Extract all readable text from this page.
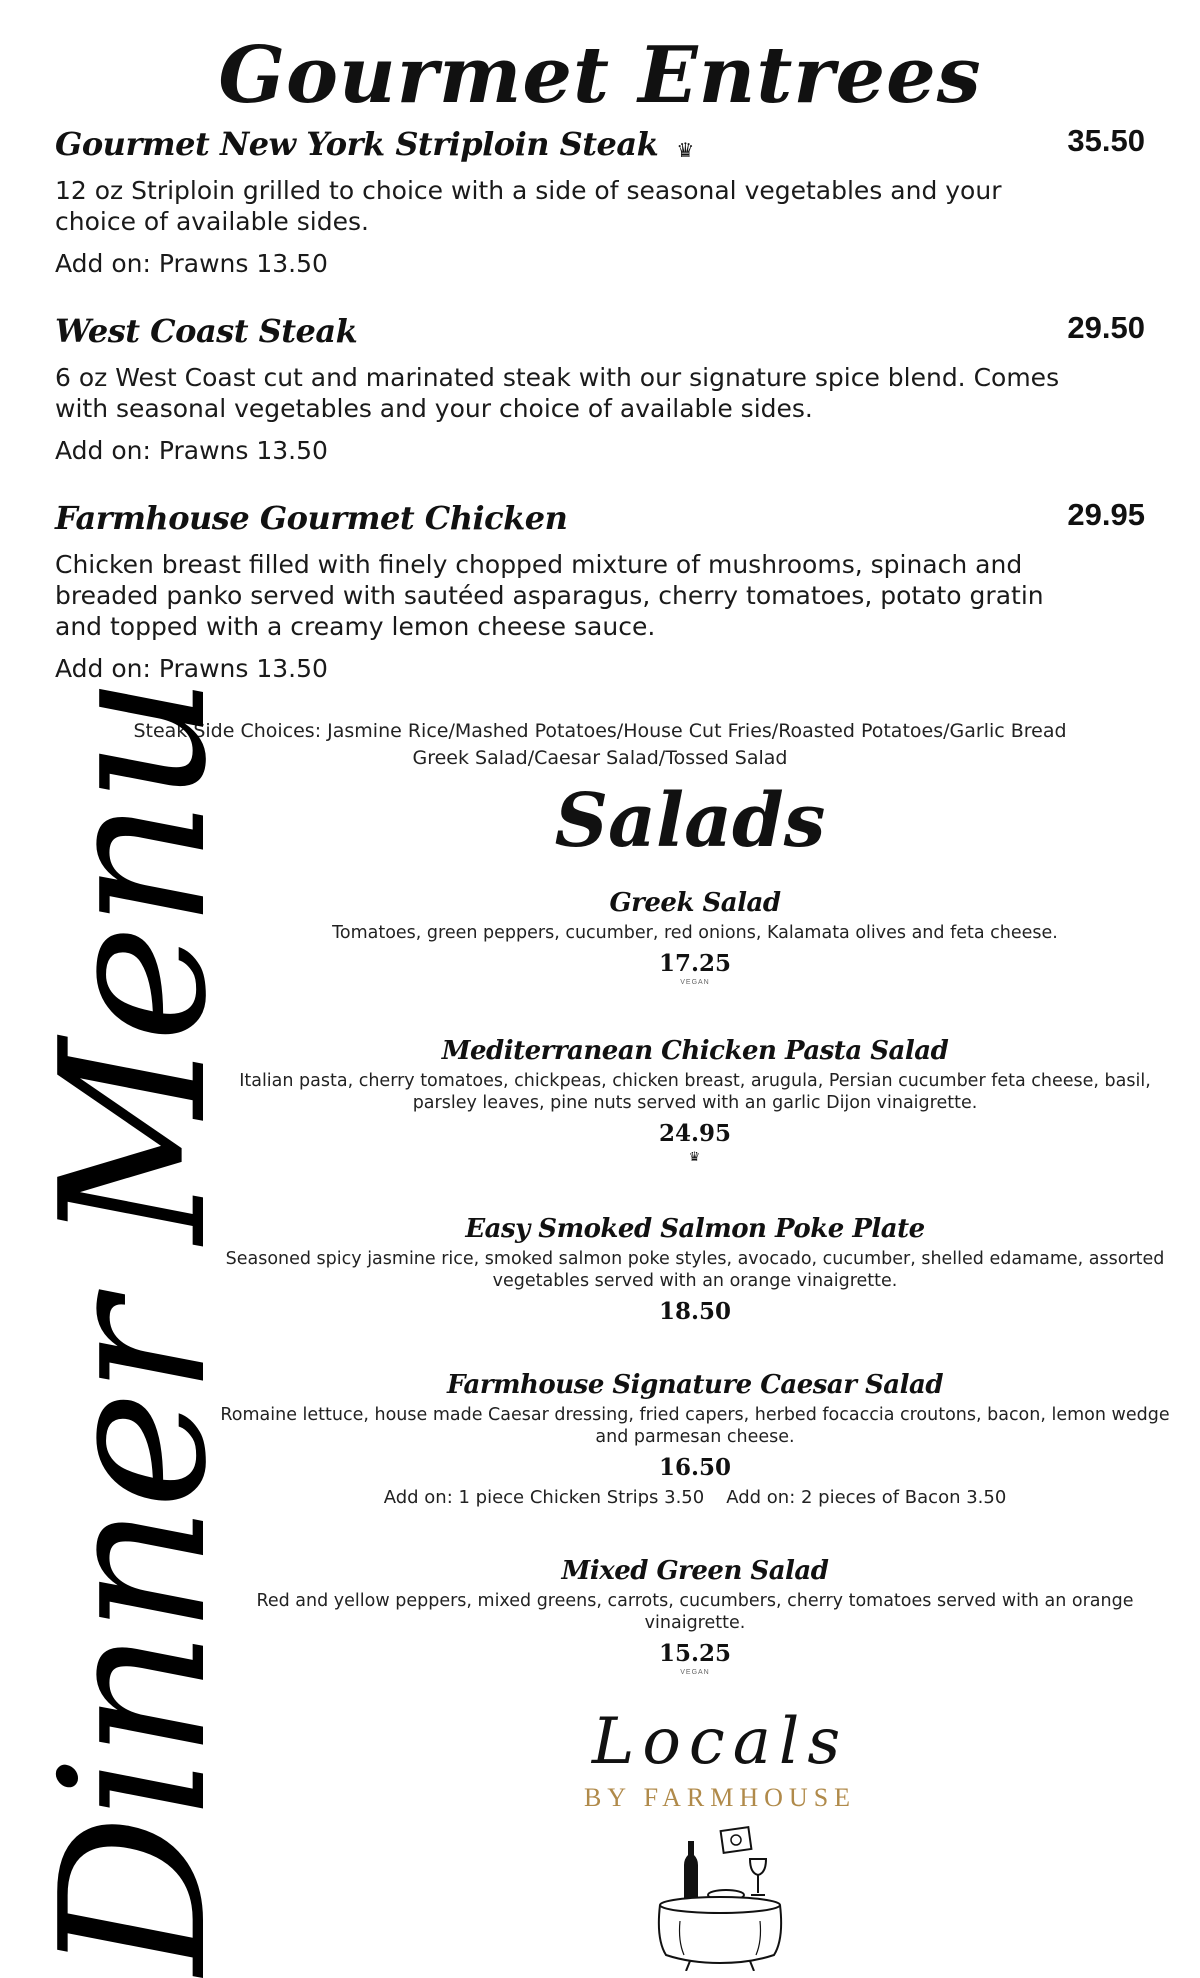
Gourmet Entrees
Gourmet New York Striploin Steak ♛	35.50

12 oz Striploin grilled to choice with a side of seasonal vegetables and your choice of available sides.

Add on: Prawns 13.50

West Coast Steak	29.50

6 oz West Coast cut and marinated steak with our signature spice blend. Comes with seasonal vegetables and your choice of available sides.

Add on: Prawns 13.50

Farmhouse Gourmet Chicken	29.95

Chicken breast filled with finely chopped mixture of mushrooms, spinach and breaded panko served with sautéed asparagus, cherry tomatoes, potato gratin and topped with a creamy lemon cheese sauce.

Add on: Prawns 13.50

Steak Side Choices: Jasmine Rice/Mashed Potatoes/House Cut Fries/Roasted Potatoes/Garlic Bread
Greek Salad/Caesar Salad/Tossed Salad
Salads
Greek Salad
Tomatoes, green peppers, cucumber, red onions, Kalamata olives and feta cheese.
17.25
VEGAN
Mediterranean Chicken Pasta Salad
Italian pasta, cherry tomatoes, chickpeas, chicken breast, arugula, Persian cucumber feta cheese, basil, parsley leaves, pine nuts served with an garlic Dijon vinaigrette.
24.95
♛
Easy Smoked Salmon Poke Plate
Seasoned spicy jasmine rice, smoked salmon poke styles, avocado, cucumber, shelled edamame, assorted vegetables served with an orange vinaigrette.
18.50
Farmhouse Signature Caesar Salad
Romaine lettuce, house made Caesar dressing, fried capers, herbed focaccia croutons, bacon, lemon wedge and parmesan cheese.
16.50
Add on: 1 piece Chicken Strips 3.50 Add on: 2 pieces of Bacon 3.50
Mixed Green Salad
Red and yellow peppers, mixed greens, carrots, cucumbers, cherry tomatoes served with an orange vinaigrette.
15.25
VEGAN
Dinner Menu	Locals
BY FARMHOUSE
